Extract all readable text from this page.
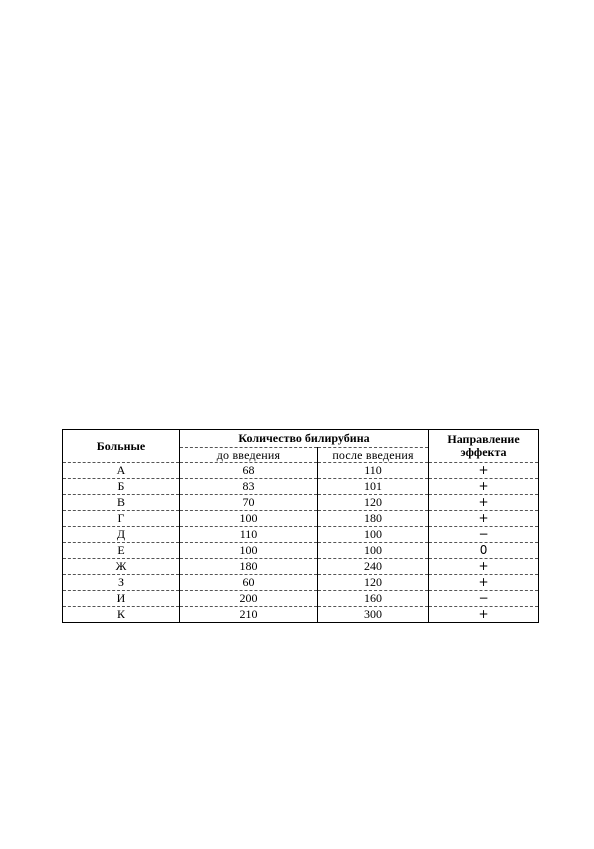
Больные	Количество билирубина		Направление эффекта
	до введения	после введения	
А	68	110	+
Б	83	101	+
В	70	120	+
Г	100	180	+
Д	110	100	−
Е	100	100	0
Ж	180	240	+
З	60	120	+
И	200	160	−
К	210	300	+
